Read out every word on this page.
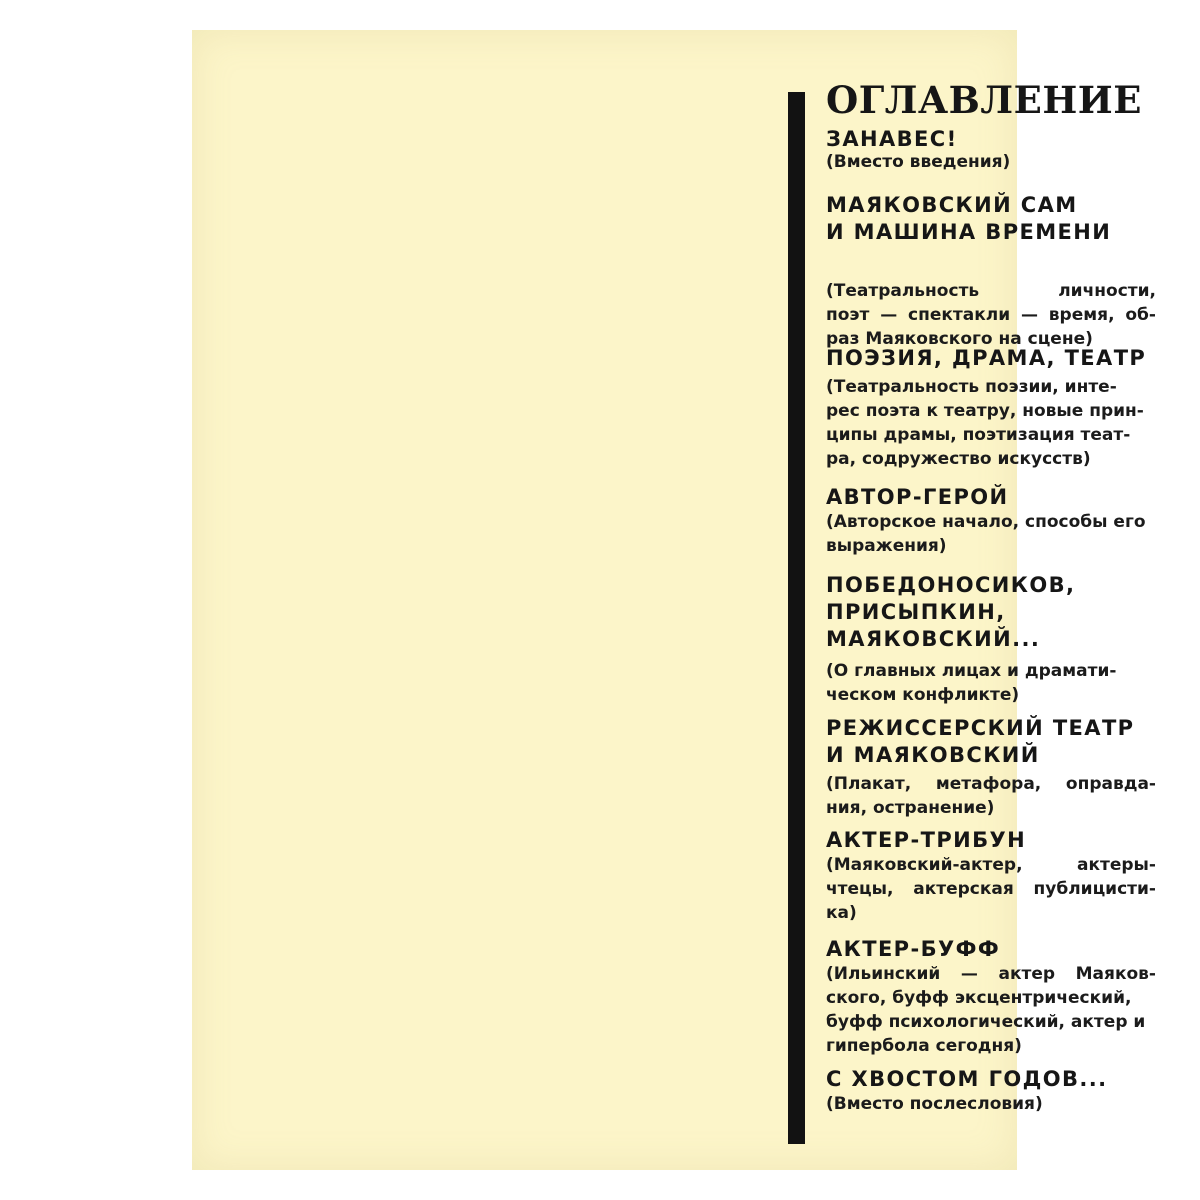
ОГЛАВЛЕНИЕ
ЗАНАВЕС!
(Вместо введения)
МАЯКОВСКИЙ САМ
И МАШИНА ВРЕМЕНИ
(Театральность	личности,
поэт — спектакли — время, об-
раз Маяковского на сцене)
ПОЭЗИЯ, ДРАМА, ТЕАТР
(Театральность поэзии, инте-
рес поэта к театру, новые прин-
ципы драмы, поэтизация теат-
ра, содружество искусств)
АВТОР-ГЕРОЙ
(Авторское начало, способы его
выражения)
ПОБЕДОНОСИКОВ,
ПРИСЫПКИН,
МАЯКОВСКИЙ...
(О главных лицах и драмати-
ческом конфликте)
РЕЖИССЕРСКИЙ ТЕАТР
И МАЯКОВСКИЙ
(Плакат, метафора, оправда-
ния, остранение)
АКТЕР-ТРИБУН
(Маяковский-актер,	актеры-
чтецы, актерская публицисти-
ка)
АКТЕР-БУФФ
(Ильинский — актер Маяков-
ского, буфф эксцентрический,
буфф психологический, актер и
гипербола сегодня)
С ХВОСТОМ ГОДОВ...
(Вместо послесловия)
